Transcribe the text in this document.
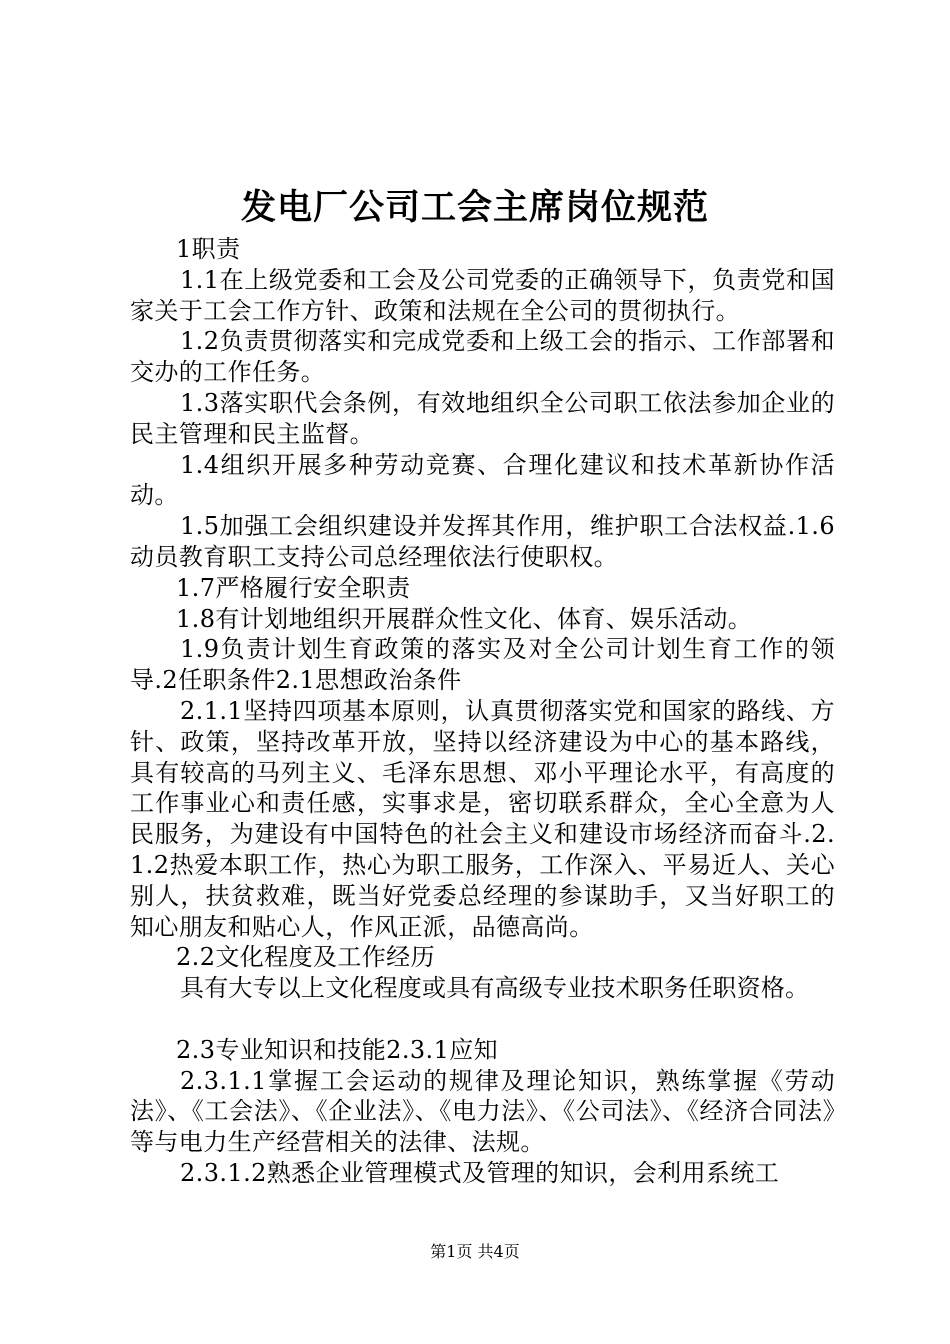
发电厂公司工会主席岗位规范

1职责

1.1在上级党委和工会及公司党委的正确领导下，负责党和国家关于工会工作方针、政策和法规在全公司的贯彻执行。

1.2负责贯彻落实和完成党委和上级工会的指示、工作部署和交办的工作任务。

1.3落实职代会条例，有效地组织全公司职工依法参加企业的民主管理和民主监督。

1.4组织开展多种劳动竞赛、合理化建议和技术革新协作活动。

1.5加强工会组织建设并发挥其作用，维护职工合法权益.1.6动员教育职工支持公司总经理依法行使职权。

1.7严格履行安全职责

1.8有计划地组织开展群众性文化、体育、娱乐活动。

1.9负责计划生育政策的落实及对全公司计划生育工作的领导.2任职条件2.1思想政治条件

2.1.1坚持四项基本原则，认真贯彻落实党和国家的路线、方针、政策，坚持改革开放，坚持以经济建设为中心的基本路线，具有较高的马列主义、毛泽东思想、邓小平理论水平，有高度的工作事业心和责任感，实事求是，密切联系群众，全心全意为人民服务，为建设有中国特色的社会主义和建设市场经济而奋斗.2.1.2热爱本职工作，热心为职工服务，工作深入、平易近人、关心别人，扶贫救难，既当好党委总经理的参谋助手，又当好职工的知心朋友和贴心人，作风正派，品德高尚。

2.2文化程度及工作经历

具有大专以上文化程度或具有高级专业技术职务任职资格。

2.3专业知识和技能2.3.1应知

2.3.1.1掌握工会运动的规律及理论知识，熟练掌握《劳动法》、《工会法》、《企业法》、《电力法》、《公司法》、《经济合同法》等与电力生产经营相关的法律、法规。

2.3.1.2熟悉企业管理模式及管理的知识，会利用系统工

第1页 共4页
